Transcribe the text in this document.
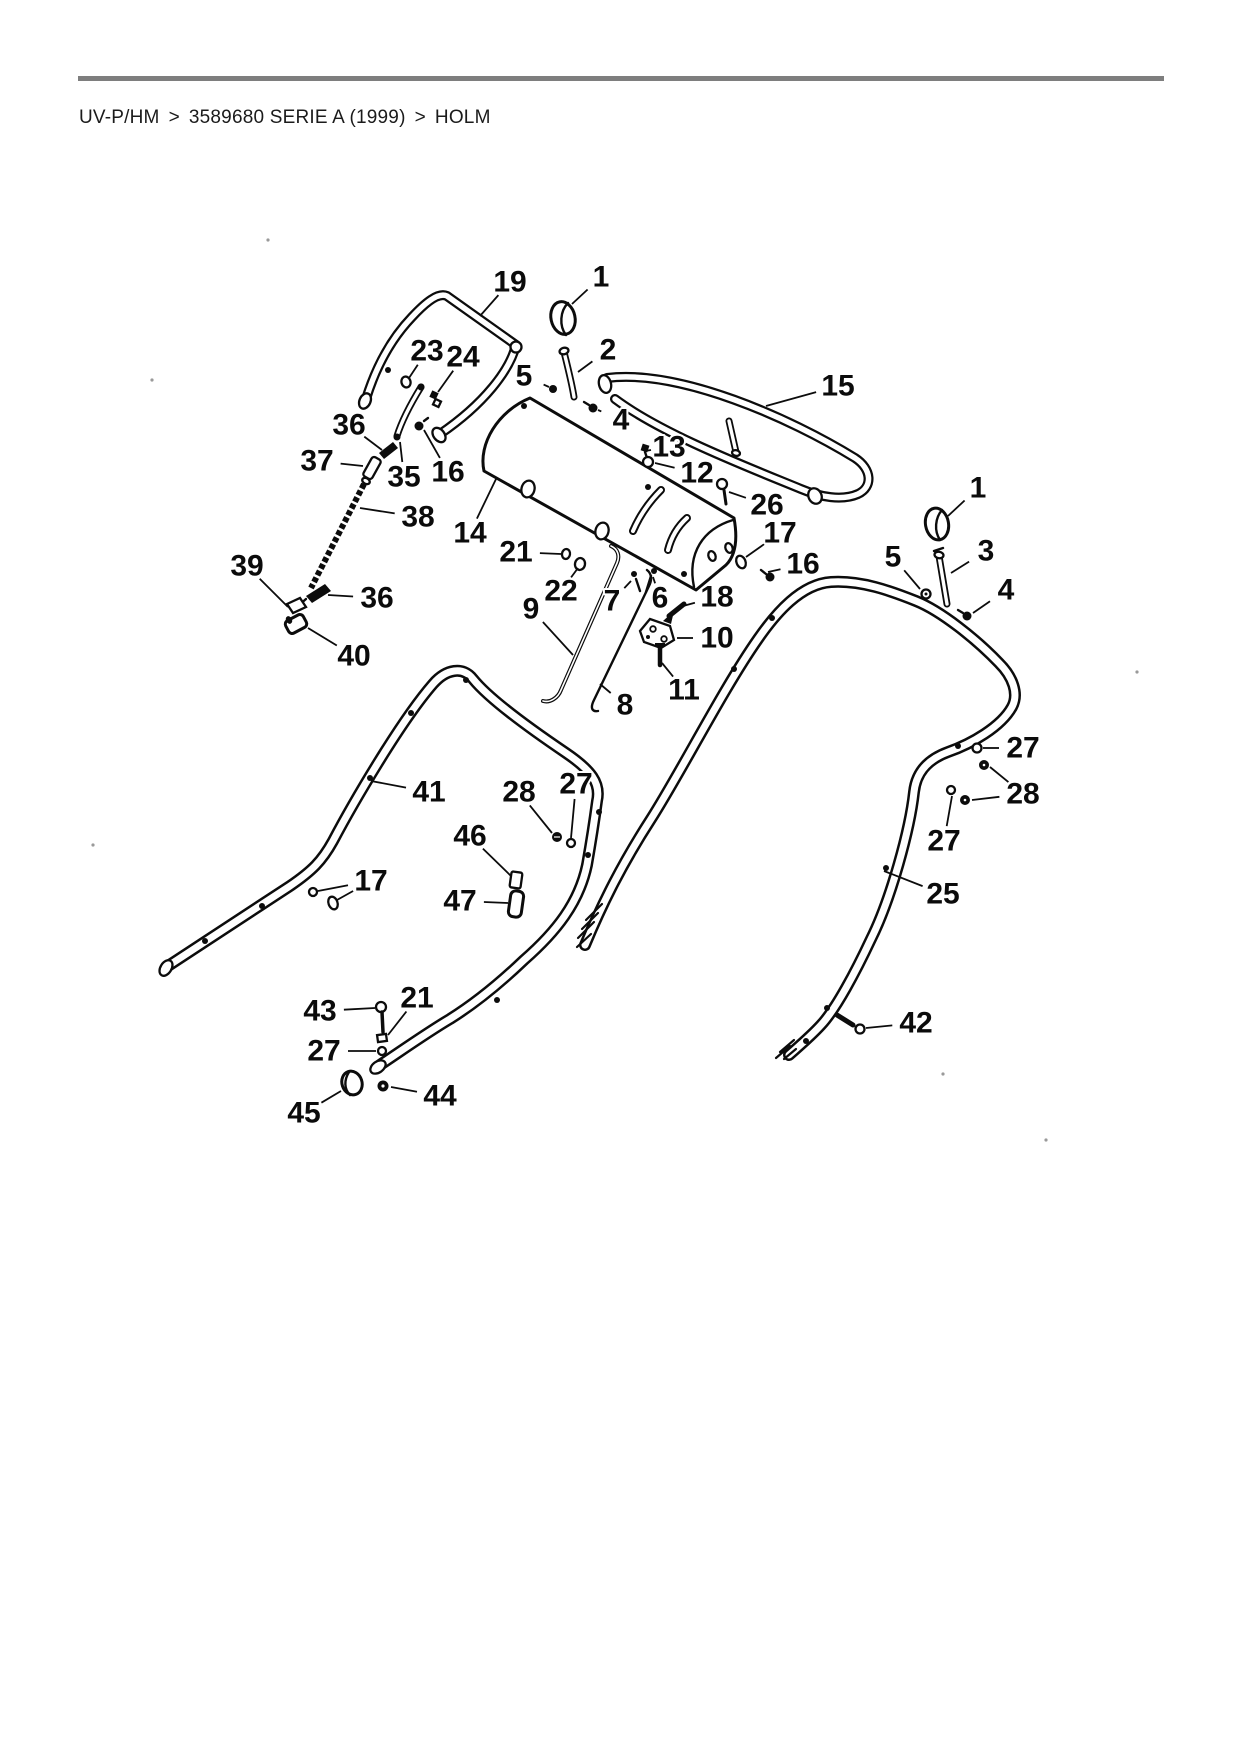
UV-P/HM > 3589680 SERIE A (1999) > HOLM
19 1
23 24
5
2
15
36
37 35 16
4
13
12
26
38 14
21
17
16
22
9 7 6 18
10
11
8
39
36
40
1
3
5
4
41 28 27
46
17
47
27
28
27
25
42
43 21
27
45
44
